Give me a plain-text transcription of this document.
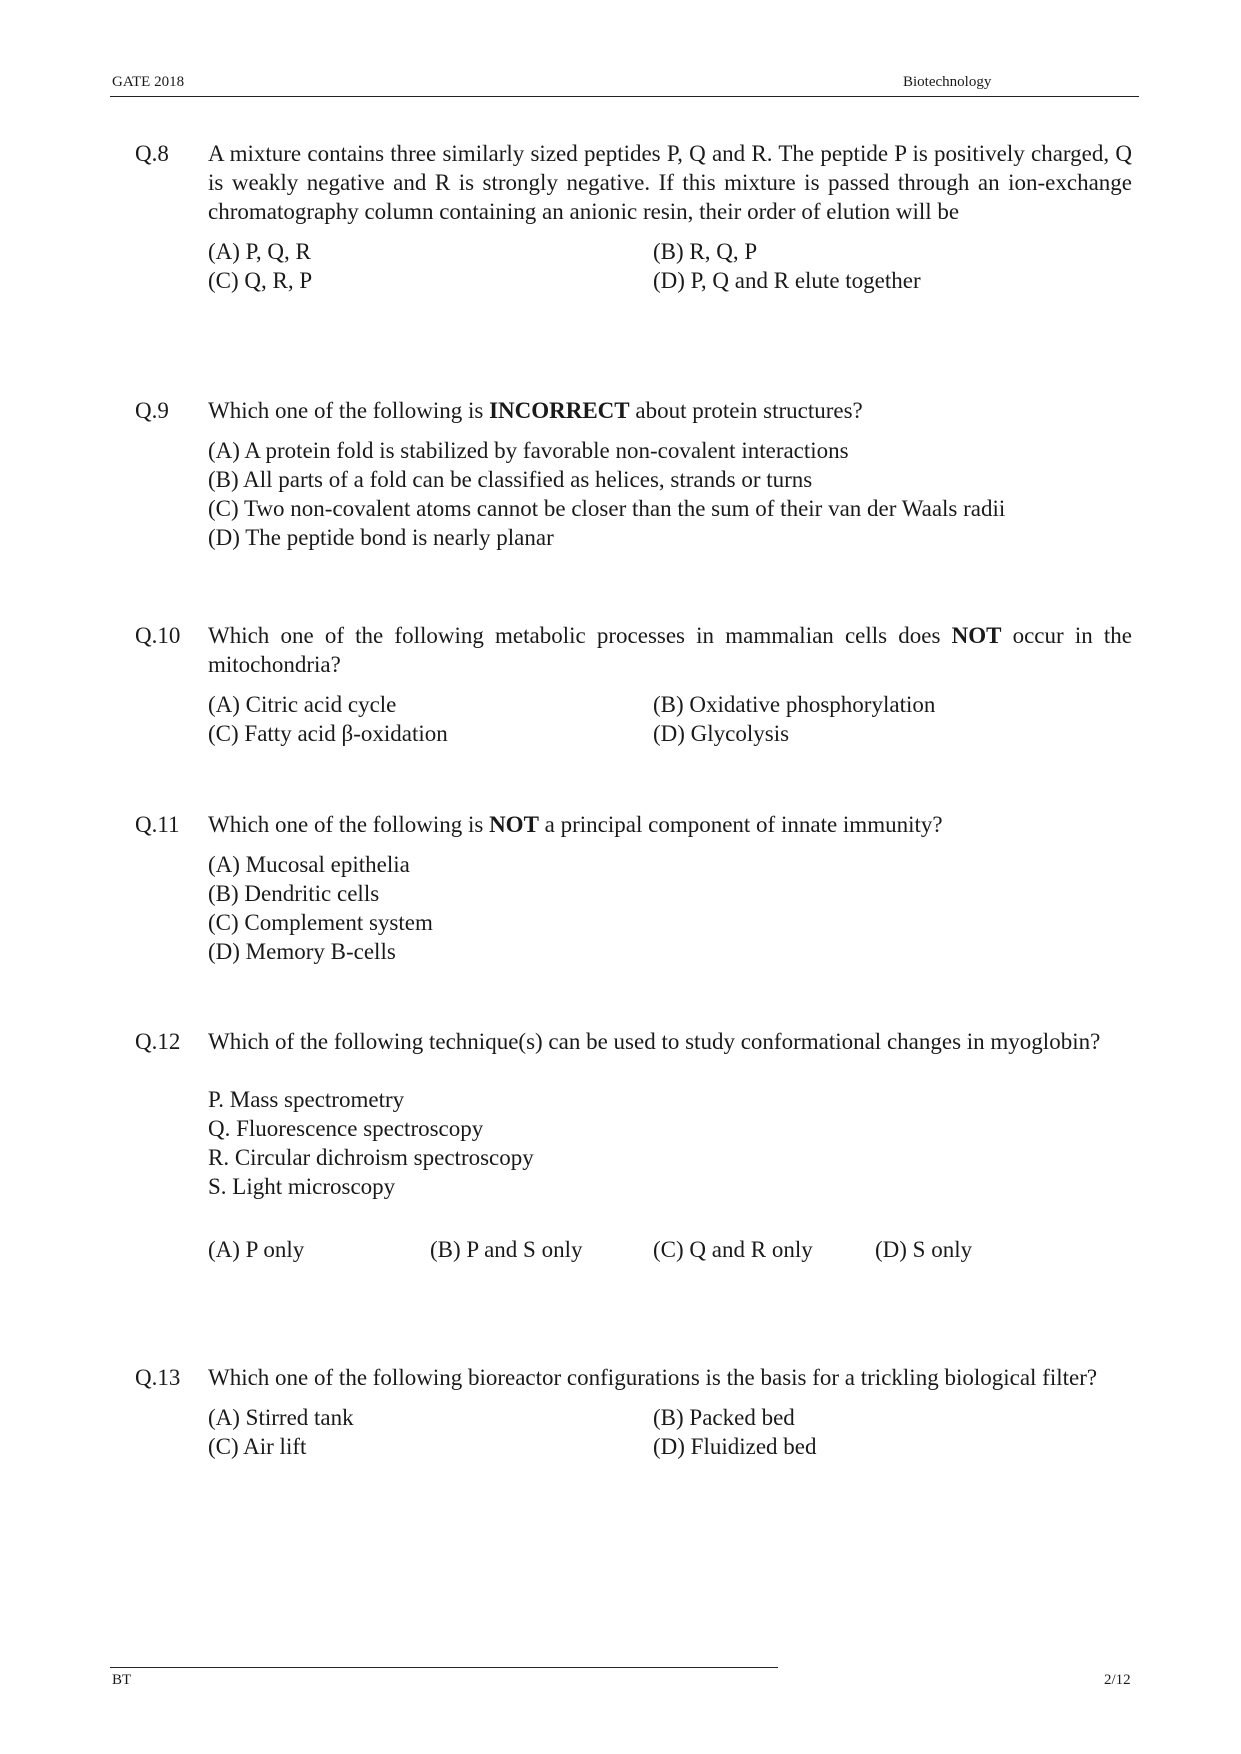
GATE 2018	Biotechnology
Q.8 A mixture contains three similarly sized peptides P, Q and R. The peptide P is positively charged, Q is weakly negative and R is strongly negative. If this mixture is passed through an ion-exchange chromatography column containing an anionic resin, their order of elution will be
(A) P, Q, R	(B) R, Q, P
(C) Q, R, P	(D) P, Q and R elute together
Q.9 Which one of the following is INCORRECT about protein structures?
(A) A protein fold is stabilized by favorable non-covalent interactions
(B) All parts of a fold can be classified as helices, strands or turns
(C) Two non-covalent atoms cannot be closer than the sum of their van der Waals radii
(D) The peptide bond is nearly planar
Q.10 Which one of the following metabolic processes in mammalian cells does NOT occur in the mitochondria?
(A) Citric acid cycle	(B) Oxidative phosphorylation
(C) Fatty acid β-oxidation	(D) Glycolysis
Q.11 Which one of the following is NOT a principal component of innate immunity?
(A) Mucosal epithelia
(B) Dendritic cells
(C) Complement system
(D) Memory B-cells
Q.12 Which of the following technique(s) can be used to study conformational changes in myoglobin?
P. Mass spectrometry
Q. Fluorescence spectroscopy
R. Circular dichroism spectroscopy
S. Light microscopy
(A) P only	(B) P and S only	(C) Q and R only	(D) S only
Q.13 Which one of the following bioreactor configurations is the basis for a trickling biological filter?
(A) Stirred tank	(B) Packed bed
(C) Air lift	(D) Fluidized bed
BT	2/12
